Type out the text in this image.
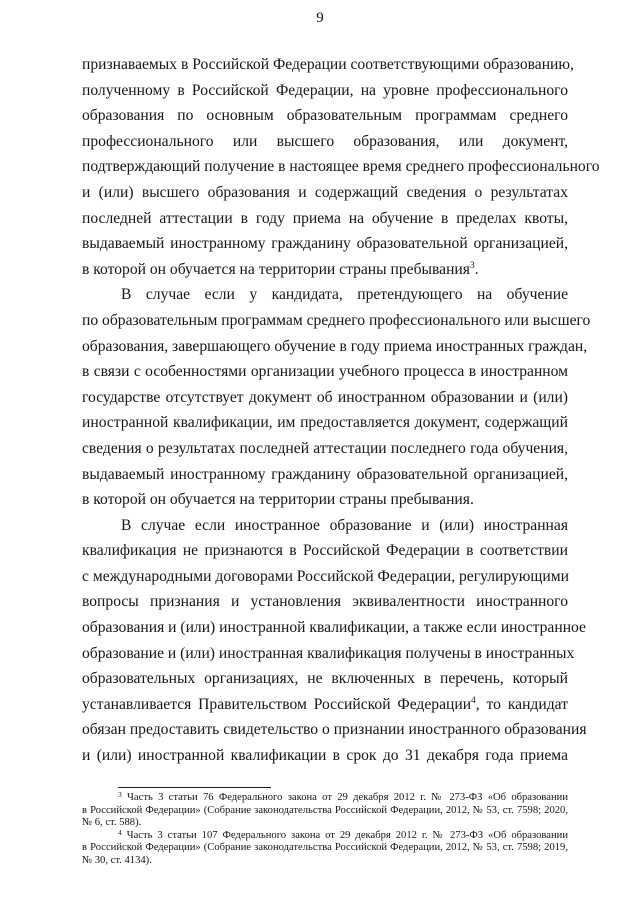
9

признаваемых в Российской Федерации соответствующими образованию,
полученному в Российской Федерации, на уровне профессионального
образования по основным образовательным программам среднего
профессионального или высшего образования, или документ,
подтверждающий получение в настоящее время среднего профессионального
и (или) высшего образования и содержащий сведения о результатах
последней аттестации в году приема на обучение в пределах квоты,
выдаваемый иностранному гражданину образовательной организацией,
в которой он обучается на территории страны пребывания$^3$.

В случае если у кандидата, претендующего на обучение
по образовательным программам среднего профессионального или высшего
образования, завершающего обучение в году приема иностранных граждан,
в связи с особенностями организации учебного процесса в иностранном
государстве отсутствует документ об иностранном образовании и (или)
иностранной квалификации, им предоставляется документ, содержащий
сведения о результатах последней аттестации последнего года обучения,
выдаваемый иностранному гражданину образовательной организацией,
в которой он обучается на территории страны пребывания.

В случае если иностранное образование и (или) иностранная
квалификация не признаются в Российской Федерации в соответствии
с международными договорами Российской Федерации, регулирующими
вопросы признания и установления эквивалентности иностранного
образования и (или) иностранной квалификации, а также если иностранное
образование и (или) иностранная квалификация получены в иностранных
образовательных организациях, не включенных в перечень, который
устанавливается Правительством Российской Федерации$^4$, то кандидат
обязан предоставить свидетельство о признании иностранного образования
и (или) иностранной квалификации в срок до 31 декабря года приема

$^3$ Часть 3 статьи 76 Федерального закона от 29 декабря 2012 г. № 273-ФЗ «Об образовании
в Российской Федерации» (Собрание законодательства Российской Федерации, 2012, № 53, ст. 7598; 2020,
№ 6, ст. 588).
$^4$ Часть 3 статьи 107 Федерального закона от 29 декабря 2012 г. № 273-ФЗ «Об образовании
в Российской Федерации» (Собрание законодательства Российской Федерации, 2012, № 53, ст. 7598; 2019,
№ 30, ст. 4134).
